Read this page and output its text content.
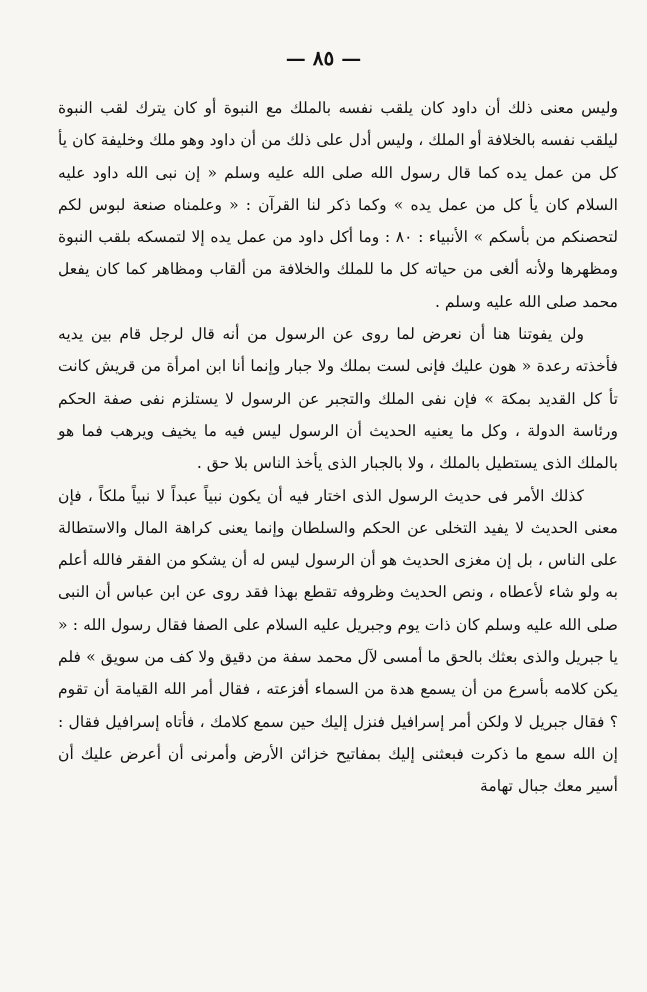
— ٨٥ —

وليس معنى ذلك أن داود كان يلقب نفسه بالملك مع النبوة أو كان يترك لقب النبوة ليلقب نفسه بالخلافة أو الملك ، وليس أدل على ذلك من أن داود وهو ملك وخليفة كان يأ كل من عمل يده كما قال رسول الله صلى الله عليه وسلم « إن نبى الله داود عليه السلام كان يأ كل من عمل يده » وكما ذكر لنا القرآن : « وعلمناه صنعة لبوس لكم لتحصنكم من بأسكم » الأنبياء : ٨٠ : وما أكل داود من عمل يده إلا لتمسكه بلقب النبوة ومظهرها ولأنه ألغى من حياته كل ما للملك والخلافة من ألقاب ومظاهر كما كان يفعل محمد صلى الله عليه وسلم .

ولن يفوتنا هنا أن نعرض لما روى عن الرسول من أنه قال لرجل قام بين يديه فأخذته رعدة « هون عليك فإنى لست بملك ولا جبار وإنما أنا ابن امرأة من قريش كانت تأ كل القديد بمكة » فإن نفى الملك والتجبر عن الرسول لا يستلزم نفى صفة الحكم ورئاسة الدولة ، وكل ما يعنيه الحديث أن الرسول ليس فيه ما يخيف ويرهب فما هو بالملك الذى يستطيل بالملك ، ولا بالجبار الذى يأخذ الناس بلا حق .

كذلك الأمر فى حديث الرسول الذى اختار فيه أن يكون نبياً عبداً لا نبياً ملكاً ، فإن معنى الحديث لا يفيد التخلى عن الحكم والسلطان وإنما يعنى كراهة المال والاستطالة على الناس ، بل إن مغزى الحديث هو أن الرسول ليس له أن يشكو من الفقر فالله أعلم به ولو شاء لأعطاه ، ونص الحديث وظروفه تقطع بهذا فقد روى عن ابن عباس أن النبى صلى الله عليه وسلم كان ذات يوم وجبريل عليه السلام على الصفا فقال رسول الله : « يا جبريل والذى بعثك بالحق ما أمسى لآل محمد سفة من دقيق ولا كف من سويق » فلم يكن كلامه بأسرع من أن يسمع هدة من السماء أفزعته ، فقال أمر الله القيامة أن تقوم ؟ فقال جبريل لا ولكن أمر إسرافيل فنزل إليك حين سمع كلامك ، فأتاه إسرافيل فقال : إن الله سمع ما ذكرت فبعثنى إليك بمفاتيح خزائن الأرض وأمرنى أن أعرض عليك أن أسير معك جبال تهامة
